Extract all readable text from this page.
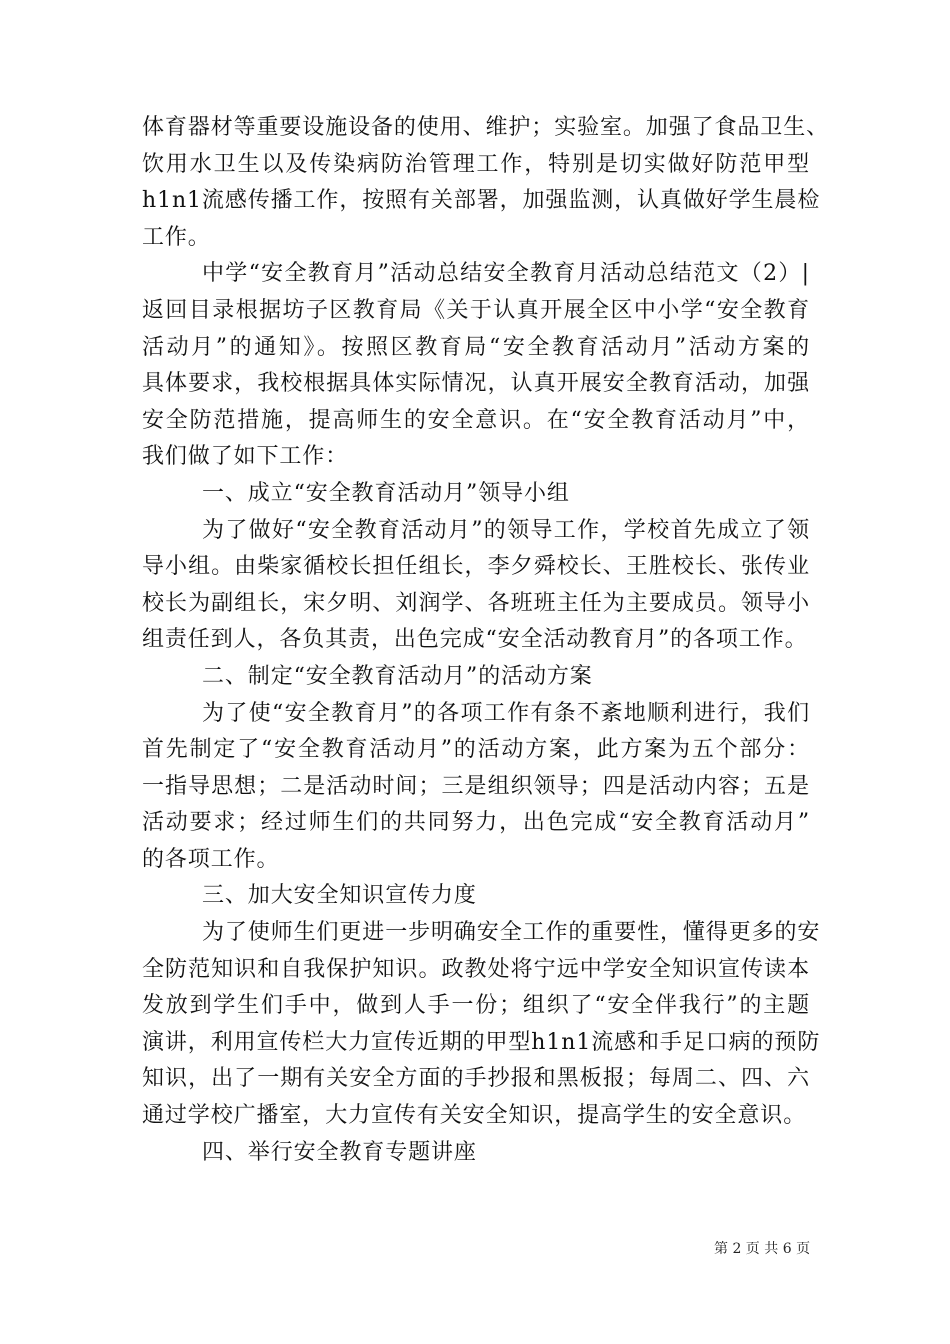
体育器材等重要设施设备的使用、维护；实验室。加强了食品卫生、
饮用水卫生以及传染病防治管理工作，特别是切实做好防范甲型
h1n1流感传播工作，按照有关部署，加强监测，认真做好学生晨检
工作。
中学“安全教育月”活动总结安全教育月活动总结范文（2）|
返回目录根据坊子区教育局《关于认真开展全区中小学“安全教育
活动月”的通知》。按照区教育局“安全教育活动月”活动方案的
具体要求，我校根据具体实际情况，认真开展安全教育活动，加强
安全防范措施，提高师生的安全意识。在“安全教育活动月”中，
我们做了如下工作：
一、成立“安全教育活动月”领导小组
为了做好“安全教育活动月”的领导工作，学校首先成立了领
导小组。由柴家循校长担任组长，李夕舜校长、王胜校长、张传业
校长为副组长，宋夕明、刘润学、各班班主任为主要成员。领导小
组责任到人，各负其责，出色完成“安全活动教育月”的各项工作。
二、制定“安全教育活动月”的活动方案
为了使“安全教育月”的各项工作有条不紊地顺利进行，我们
首先制定了“安全教育活动月”的活动方案，此方案为五个部分：
一指导思想；二是活动时间；三是组织领导；四是活动内容；五是
活动要求；经过师生们的共同努力，出色完成“安全教育活动月”
的各项工作。
三、加大安全知识宣传力度
为了使师生们更进一步明确安全工作的重要性，懂得更多的安
全防范知识和自我保护知识。政教处将宁远中学安全知识宣传读本
发放到学生们手中，做到人手一份；组织了“安全伴我行”的主题
演讲，利用宣传栏大力宣传近期的甲型h1n1流感和手足口病的预防
知识，出了一期有关安全方面的手抄报和黑板报；每周二、四、六
通过学校广播室，大力宣传有关安全知识，提高学生的安全意识。
四、举行安全教育专题讲座
第 2 页 共 6 页
